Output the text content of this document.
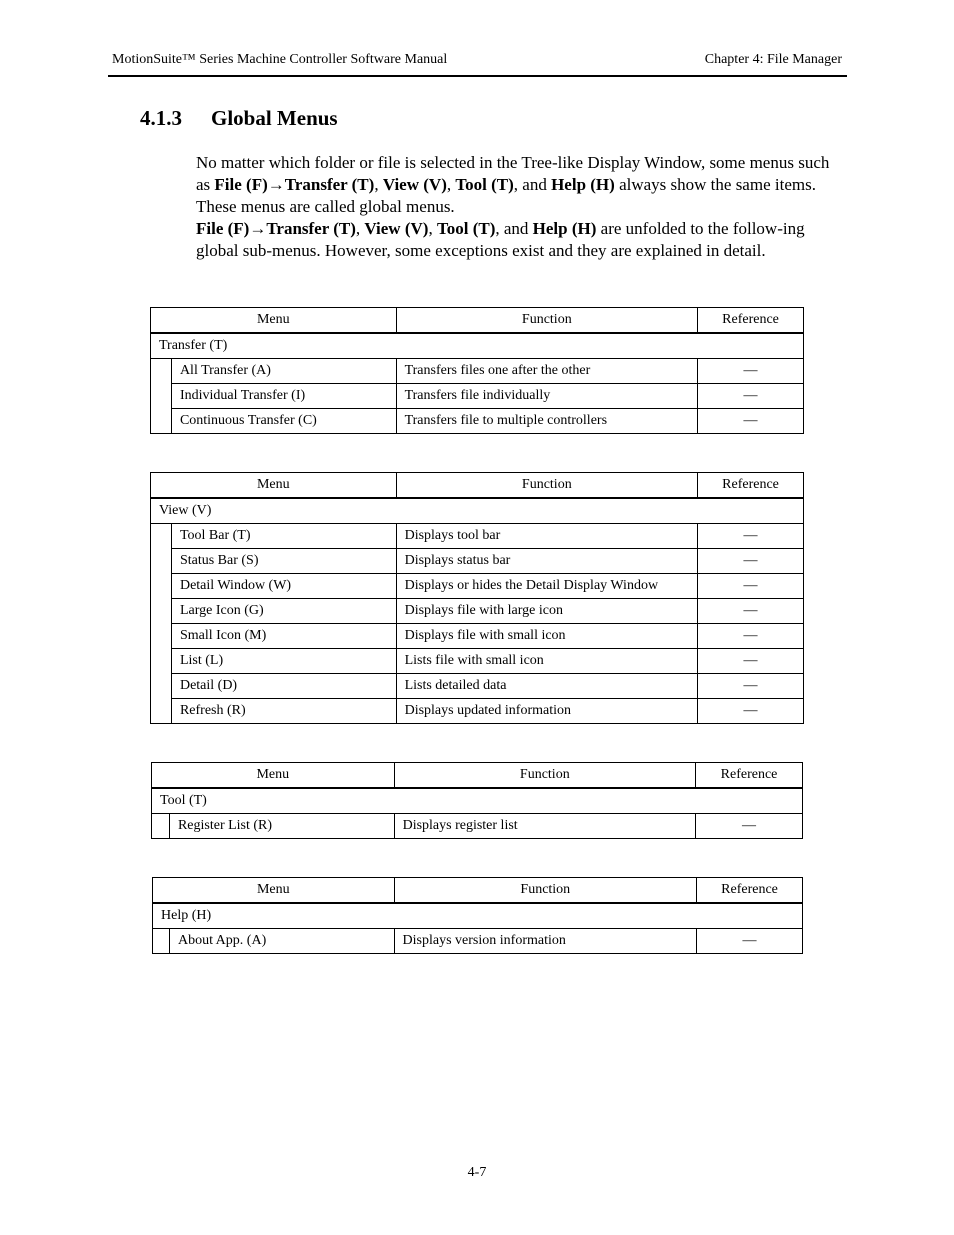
MotionSuite™ Series Machine Controller Software Manual	Chapter 4: File Manager
4.1.3 Global Menus

No matter which folder or file is selected in the Tree-like Display Window, some menus such as File (F)→Transfer (T), View (V), Tool (T), and Help (H) always show the same items. These menus are called global menus.

File (F)→Transfer (T), View (V), Tool (T), and Help (H) are unfolded to the follow-ing global sub-menus. However, some exceptions exist and they are explained in detail.

Menu		Function	Reference
Transfer (T)			
	All Transfer (A)	Transfers files one after the other	—
	Individual Transfer (I)	Transfers file individually	—
	Continuous Transfer (C)	Transfers file to multiple controllers	—
Menu		Function	Reference
View (V)			
	Tool Bar (T)	Displays tool bar	—
	Status Bar (S)	Displays status bar	—
	Detail Window (W)	Displays or hides the Detail Display Window	—
	Large Icon (G)	Displays file with large icon	—
	Small Icon (M)	Displays file with small icon	—
	List (L)	Lists file with small icon	—
	Detail (D)	Lists detailed data	—
	Refresh (R)	Displays updated information	—
Menu		Function	Reference
Tool (T)			
	Register List (R)	Displays register list	—
Menu		Function	Reference
Help (H)			
	About App. (A)	Displays version information	—
4-7
